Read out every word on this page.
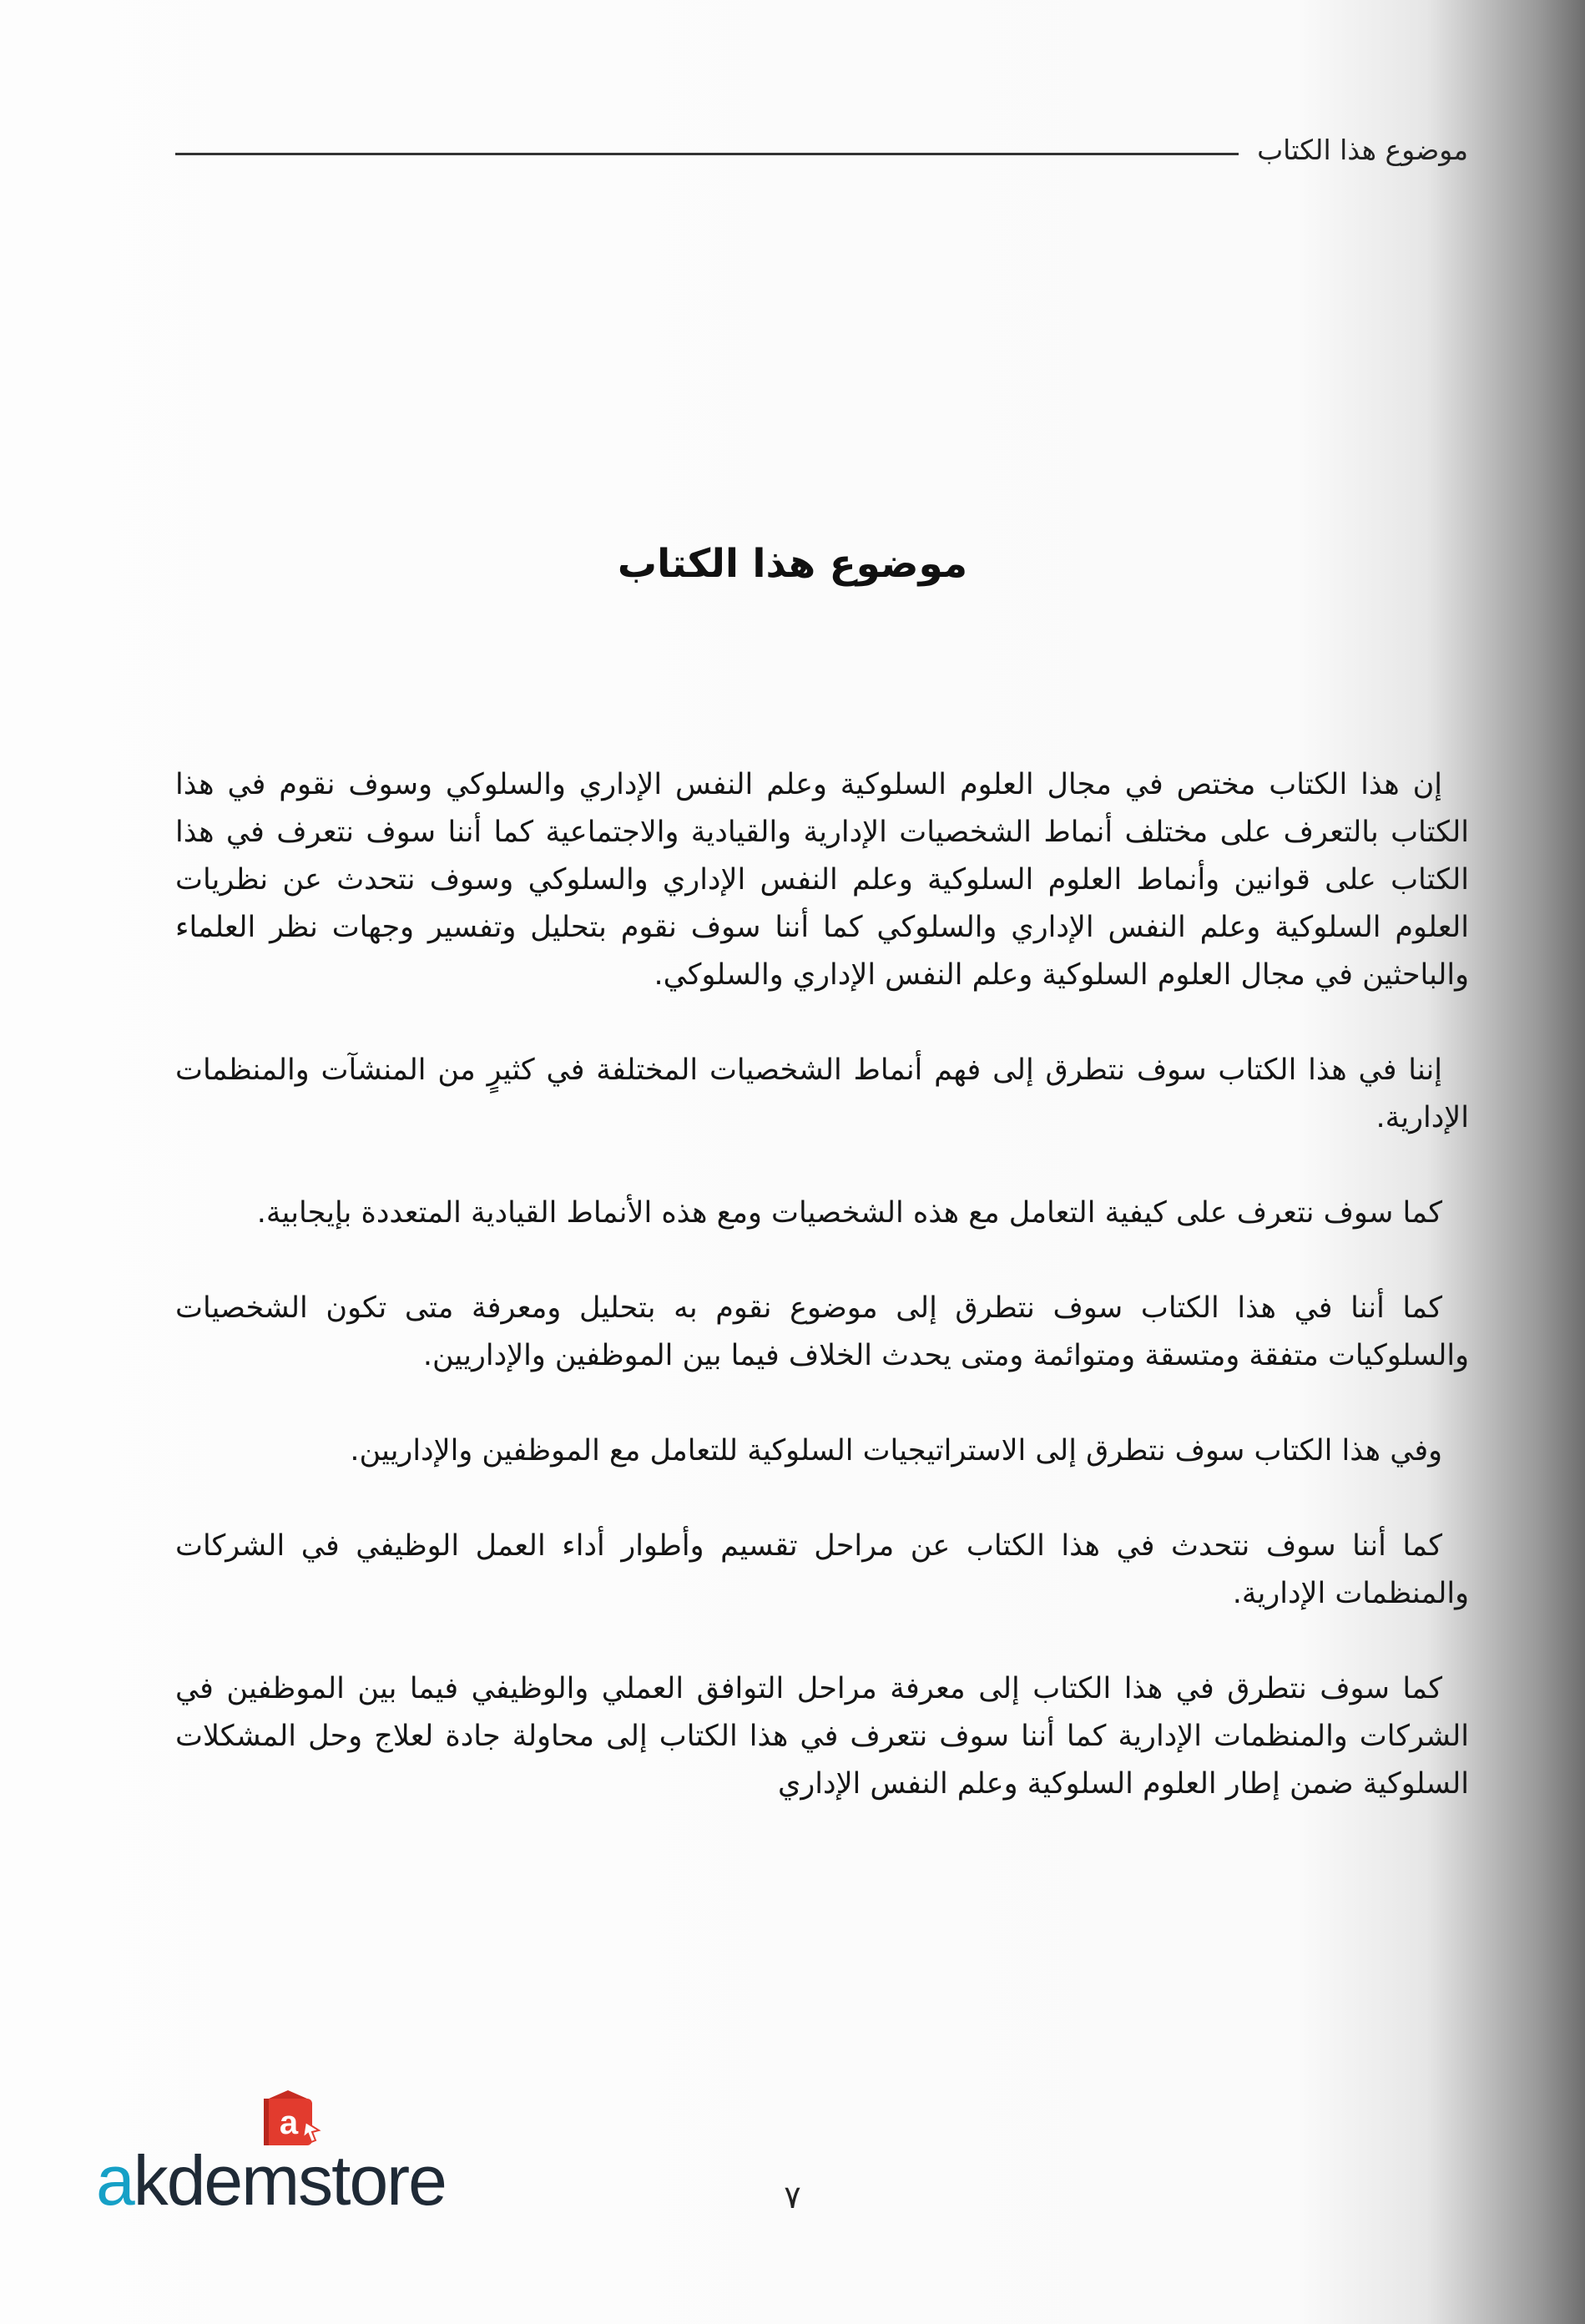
موضوع هذا الكتاب
موضوع هذا الكتاب

إن هذا الكتاب مختص في مجال العلوم السلوكية وعلم النفس الإداري والسلوكي وسوف نقوم في هذا الكتاب بالتعرف على مختلف أنماط الشخصيات الإدارية والقيادية والاجتماعية كما أننا سوف نتعرف في هذا الكتاب على قوانين وأنماط العلوم السلوكية وعلم النفس الإداري والسلوكي وسوف نتحدث عن نظريات العلوم السلوكية وعلم النفس الإداري والسلوكي كما أننا سوف نقوم بتحليل وتفسير وجهات نظر العلماء والباحثين في مجال العلوم السلوكية وعلم النفس الإداري والسلوكي.

إننا في هذا الكتاب سوف نتطرق إلى فهم أنماط الشخصيات المختلفة في كثيرٍ من المنشآت والمنظمات الإدارية.

كما سوف نتعرف على كيفية التعامل مع هذه الشخصيات ومع هذه الأنماط القيادية المتعددة بإيجابية.

كما أننا في هذا الكتاب سوف نتطرق إلى موضوع نقوم به بتحليل ومعرفة متى تكون الشخصيات والسلوكيات متفقة ومتسقة ومتوائمة ومتى يحدث الخلاف فيما بين الموظفين والإداريين.

وفي هذا الكتاب سوف نتطرق إلى الاستراتيجيات السلوكية للتعامل مع الموظفين والإداريين.

كما أننا سوف نتحدث في هذا الكتاب عن مراحل تقسيم وأطوار أداء العمل الوظيفي في الشركات والمنظمات الإدارية.

كما سوف نتطرق في هذا الكتاب إلى معرفة مراحل التوافق العملي والوظيفي فيما بين الموظفين في الشركات والمنظمات الإدارية كما أننا سوف نتعرف في هذا الكتاب إلى محاولة جادة لعلاج وحل المشكلات السلوكية ضمن إطار العلوم السلوكية وعلم النفس الإداري

٧
a
akdemstore
